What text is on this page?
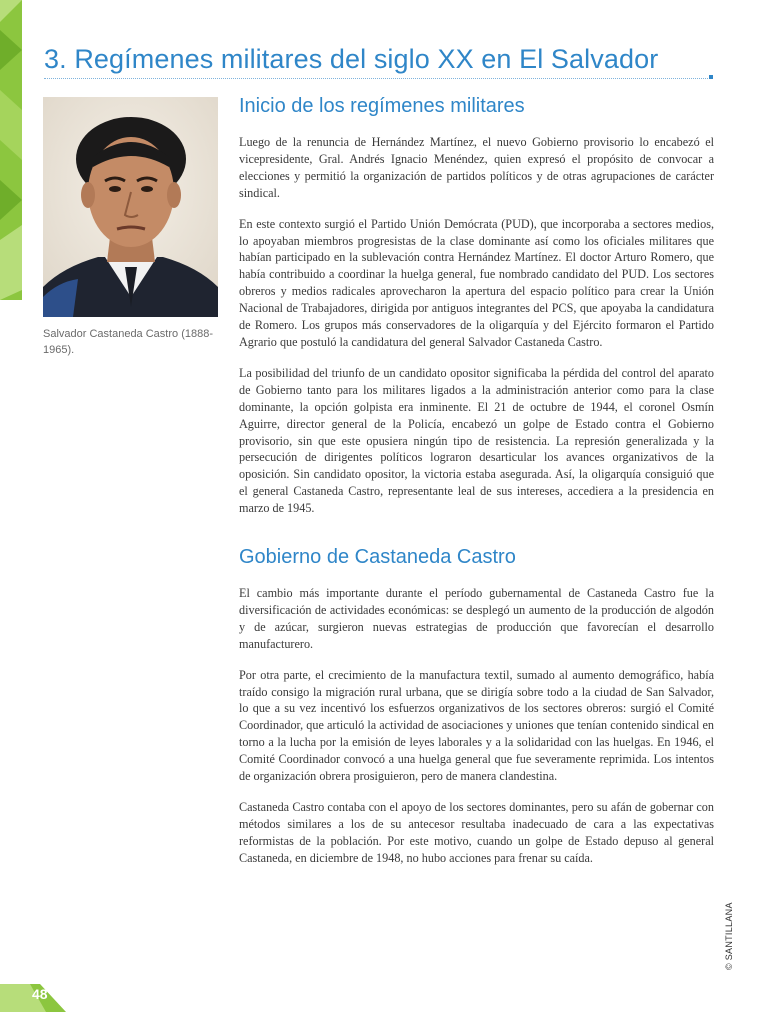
3. Regímenes militares del siglo XX en El Salvador

Salvador Castaneda Castro (1888-1965).

Inicio de los regímenes militares

Luego de la renuncia de Hernández Martínez, el nuevo Gobierno provisorio lo encabezó el vicepresidente, Gral. Andrés Ignacio Menéndez, quien expresó el propósito de convocar a elecciones y permitió la organización de partidos políticos y de otras agrupaciones de carácter sindical.

En este contexto surgió el Partido Unión Demócrata (PUD), que incorporaba a sectores medios, lo apoyaban miembros progresistas de la clase dominante así como los oficiales militares que habían participado en la sublevación contra Hernández Martínez. El doctor Arturo Romero, que había contribuido a coordinar la huelga general, fue nombrado candidato del PUD. Los sectores obreros y medios radicales aprovecharon la apertura del espacio político para crear la Unión Nacional de Trabajadores, dirigida por antiguos integrantes del PCS, que apoyaba la candidatura de Romero. Los grupos más conservadores de la oligarquía y del Ejército formaron el Partido Agrario que postuló la candidatura del general Salvador Castaneda Castro.

La posibilidad del triunfo de un candidato opositor significaba la pérdida del control del aparato de Gobierno tanto para los militares ligados a la administración anterior como para la clase dominante, la opción golpista era inminente. El 21 de octubre de 1944, el coronel Osmín Aguirre, director general de la Policía, encabezó un golpe de Estado contra el Gobierno provisorio, sin que este opusiera ningún tipo de resistencia. La represión generalizada y la persecución de dirigentes políticos lograron desarticular los avances organizativos de la oposición. Sin candidato opositor, la victoria estaba asegurada. Así, la oligarquía consiguió que el general Castaneda Castro, representante leal de sus intereses, accediera a la presidencia en marzo de 1945.

Gobierno de Castaneda Castro

El cambio más importante durante el período gubernamental de Castaneda Castro fue la diversificación de actividades económicas: se desplegó un aumento de la producción de algodón y de azúcar, surgieron nuevas estrategias de producción que favorecían el desarrollo manufacturero.

Por otra parte, el crecimiento de la manufactura textil, sumado al aumento demográfico, había traído consigo la migración rural urbana, que se dirigía sobre todo a la ciudad de San Salvador, lo que a su vez incentivó los esfuerzos organizativos de los sectores obreros: surgió el Comité Coordinador, que articuló la actividad de asociaciones y uniones que tenían contenido sindical en torno a la lucha por la emisión de leyes laborales y a la solidaridad con las huelgas. En 1946, el Comité Coordinador convocó a una huelga general que fue severamente reprimida. Los intentos de organización obrera prosiguieron, pero de manera clandestina.

Castaneda Castro contaba con el apoyo de los sectores dominantes, pero su afán de gobernar con métodos similares a los de su antecesor resultaba inadecuado de cara a las expectativas reformistas de la población. Por este motivo, cuando un golpe de Estado depuso al general Castaneda, en diciembre de 1948, no hubo acciones para frenar su caída.

48

© SANTILLANA
